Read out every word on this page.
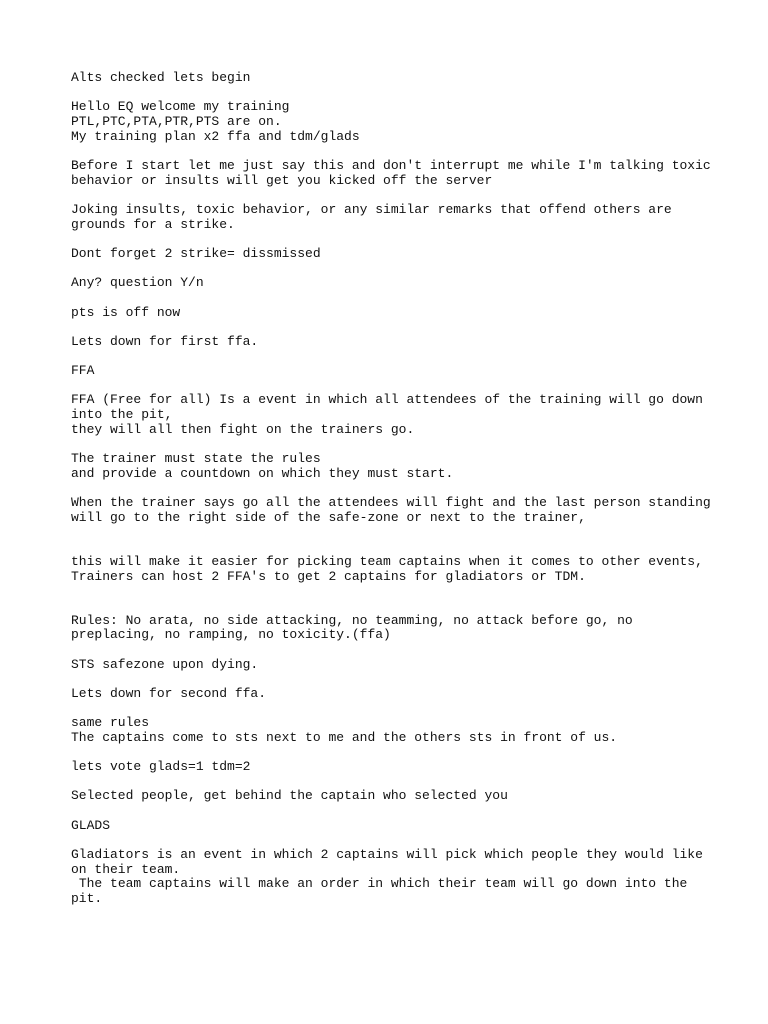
Alts checked lets begin

Hello EQ welcome my training
PTL,PTC,PTA,PTR,PTS are on.
My training plan x2 ffa and tdm/glads

Before I start let me just say this and don't interrupt me while I'm talking toxic
behavior or insults will get you kicked off the server

Joking insults, toxic behavior, or any similar remarks that offend others are
grounds for a strike.

Dont forget 2 strike= dissmissed

Any? question Y/n

pts is off now

Lets down for first ffa.

FFA

FFA (Free for all) Is a event in which all attendees of the training will go down
into the pit,
they will all then fight on the trainers go.

The trainer must state the rules
and provide a countdown on which they must start.

When the trainer says go all the attendees will fight and the last person standing
will go to the right side of the safe-zone or next to the trainer,

this will make it easier for picking team captains when it comes to other events,
Trainers can host 2 FFA's to get 2 captains for gladiators or TDM.

Rules: No arata, no side attacking, no teamming, no attack before go, no
preplacing, no ramping, no toxicity.(ffa)

STS safezone upon dying.

Lets down for second ffa.

same rules
The captains come to sts next to me and the others sts in front of us.

lets vote glads=1 tdm=2

Selected people, get behind the captain who selected you

GLADS

Gladiators is an event in which 2 captains will pick which people they would like
on their team.
The team captains will make an order in which their team will go down into the
pit.
